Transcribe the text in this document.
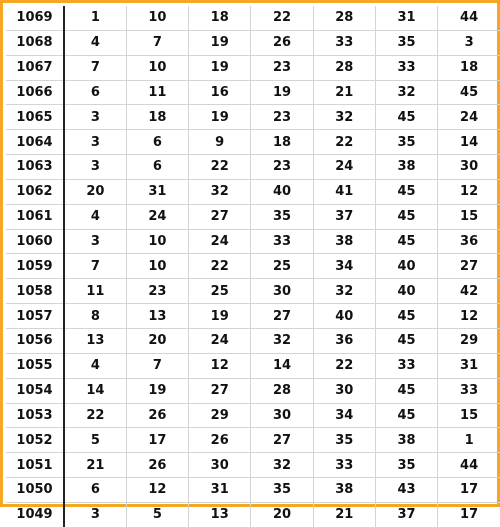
1069	1	10	18	22	28	31	44
1068	4	7	19	26	33	35	3
1067	7	10	19	23	28	33	18
1066	6	11	16	19	21	32	45
1065	3	18	19	23	32	45	24
1064	3	6	9	18	22	35	14
1063	3	6	22	23	24	38	30
1062	20	31	32	40	41	45	12
1061	4	24	27	35	37	45	15
1060	3	10	24	33	38	45	36
1059	7	10	22	25	34	40	27
1058	11	23	25	30	32	40	42
1057	8	13	19	27	40	45	12
1056	13	20	24	32	36	45	29
1055	4	7	12	14	22	33	31
1054	14	19	27	28	30	45	33
1053	22	26	29	30	34	45	15
1052	5	17	26	27	35	38	1
1051	21	26	30	32	33	35	44
1050	6	12	31	35	38	43	17
1049	3	5	13	20	21	37	17
